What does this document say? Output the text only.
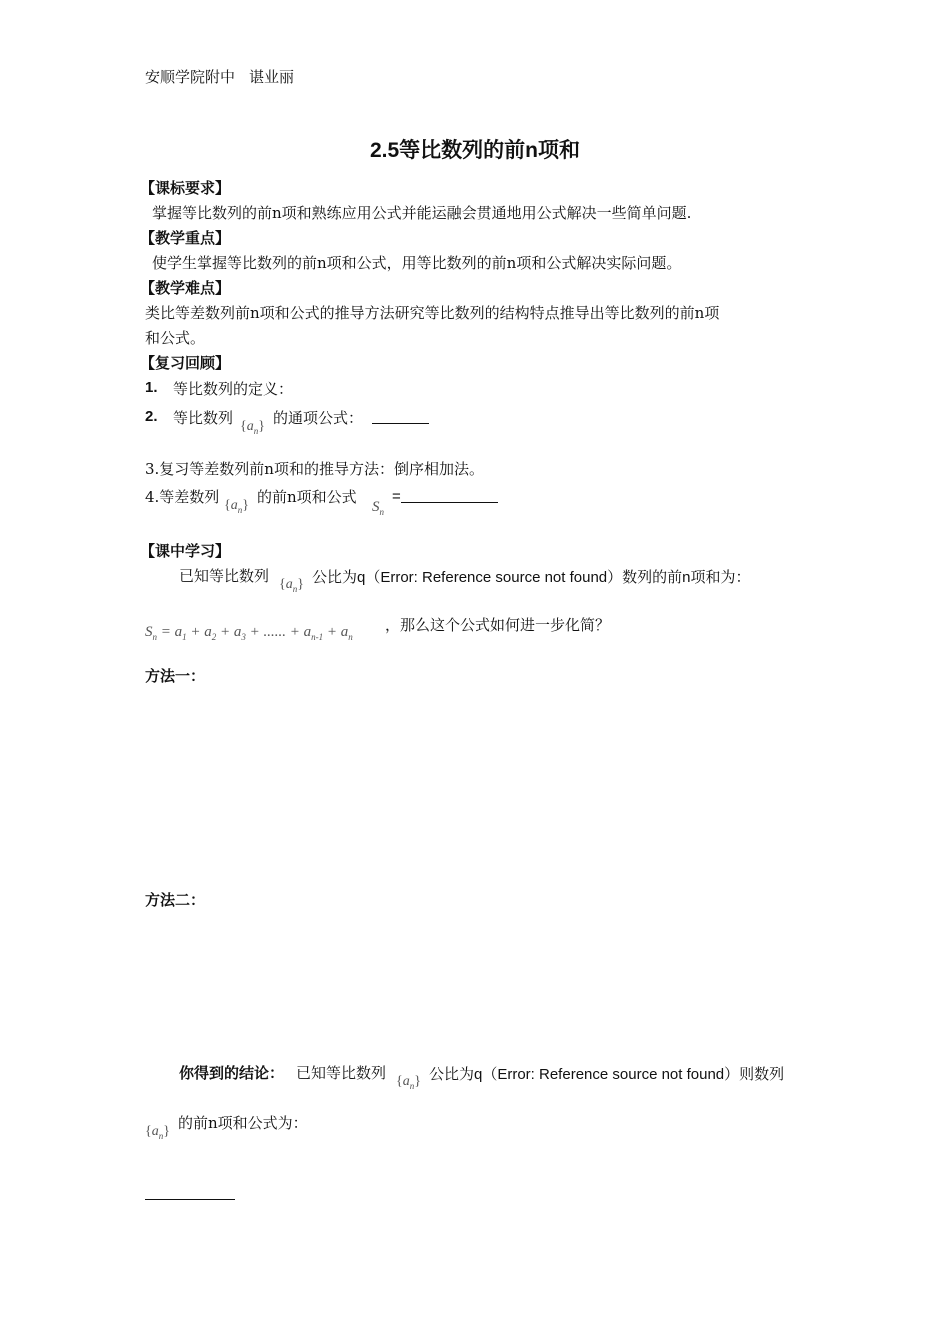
安顺学院附中 谌业丽
2.5等比数列的前n项和
【课标要求】
掌握等比数列的前n项和熟练应用公式并能运融会贯通地用公式解决一些简单问题.
【教学重点】
使学生掌握等比数列的前n项和公式，用等比数列的前n项和公式解决实际问题。
【教学难点】
类比等差数列前n项和公式的推导方法研究等比数列的结构特点推导出等比数列的前n项
和公式。
【复习回顾】
1. 等比数列的定义：
2. 等比数列 $\{a_n\}$ 的通项公式：
3.复习等差数列前n项和的推导方法：倒序相加法。
4.等差数列 $\{a_n\}$ 的前n项和公式
$S_n$
=
【课中学习】
已知等比数列 $\{a_n\}$ 公比为q（Error: Reference source not found）数列的前n项和为：
$S_n = a_1 + a_2 + a_3$ + ...... + $a_{n-1} + a_n$
，那么这个公式如何进一步化简？
方法一：
方法二：
你得到的结论： 已知等比数列 $\{a_n\}$ 公比为q（Error: Reference source not found）则数列
$\{a_n\}$ 的前n项和公式为：
